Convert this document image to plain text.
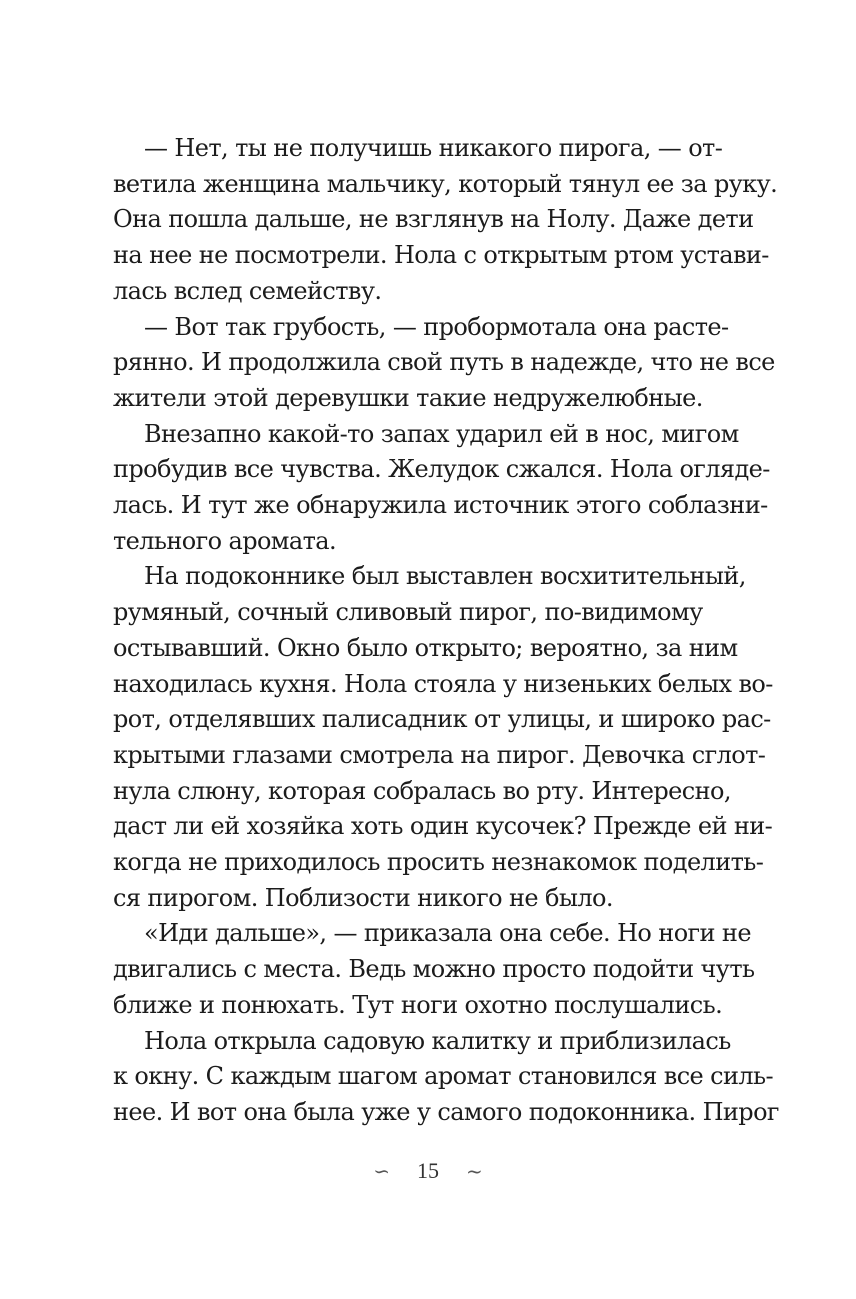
— Нет, ты не получишь никакого пирога, — от-
ветила женщина мальчику, который тянул ее за руку.
Она пошла дальше, не взглянув на Нолу. Даже дети
на нее не посмотрели. Нола с открытым ртом устави-
лась вслед семейству.
— Вот так грубость, — пробормотала она расте-
рянно. И продолжила свой путь в надежде, что не все
жители этой деревушки такие недружелюбные.
Внезапно какой-то запах ударил ей в нос, мигом
пробудив все чувства. Желудок сжался. Нола огляде-
лась. И тут же обнаружила источник этого соблазни-
тельного аромата.
На подоконнике был выставлен восхитительный,
румяный, сочный сливовый пирог, по-видимому
остывавший. Окно было открыто; вероятно, за ним
находилась кухня. Нола стояла у низеньких белых во-
рот, отделявших палисадник от улицы, и широко рас-
крытыми глазами смотрела на пирог. Девочка сглот-
нула слюну, которая собралась во рту. Интересно,
даст ли ей хозяйка хоть один кусочек? Прежде ей ни-
когда не приходилось просить незнакомок поделить-
ся пирогом. Поблизости никого не было.
«Иди дальше», — приказала она себе. Но ноги не
двигались с места. Ведь можно просто подойти чуть
ближе и понюхать. Тут ноги охотно послушались.
Нола открыла садовую калитку и приблизилась
к окну. С каждым шагом аромат становился все силь-
нее. И вот она была уже у самого подоконника. Пирог
∽ 15 ~
